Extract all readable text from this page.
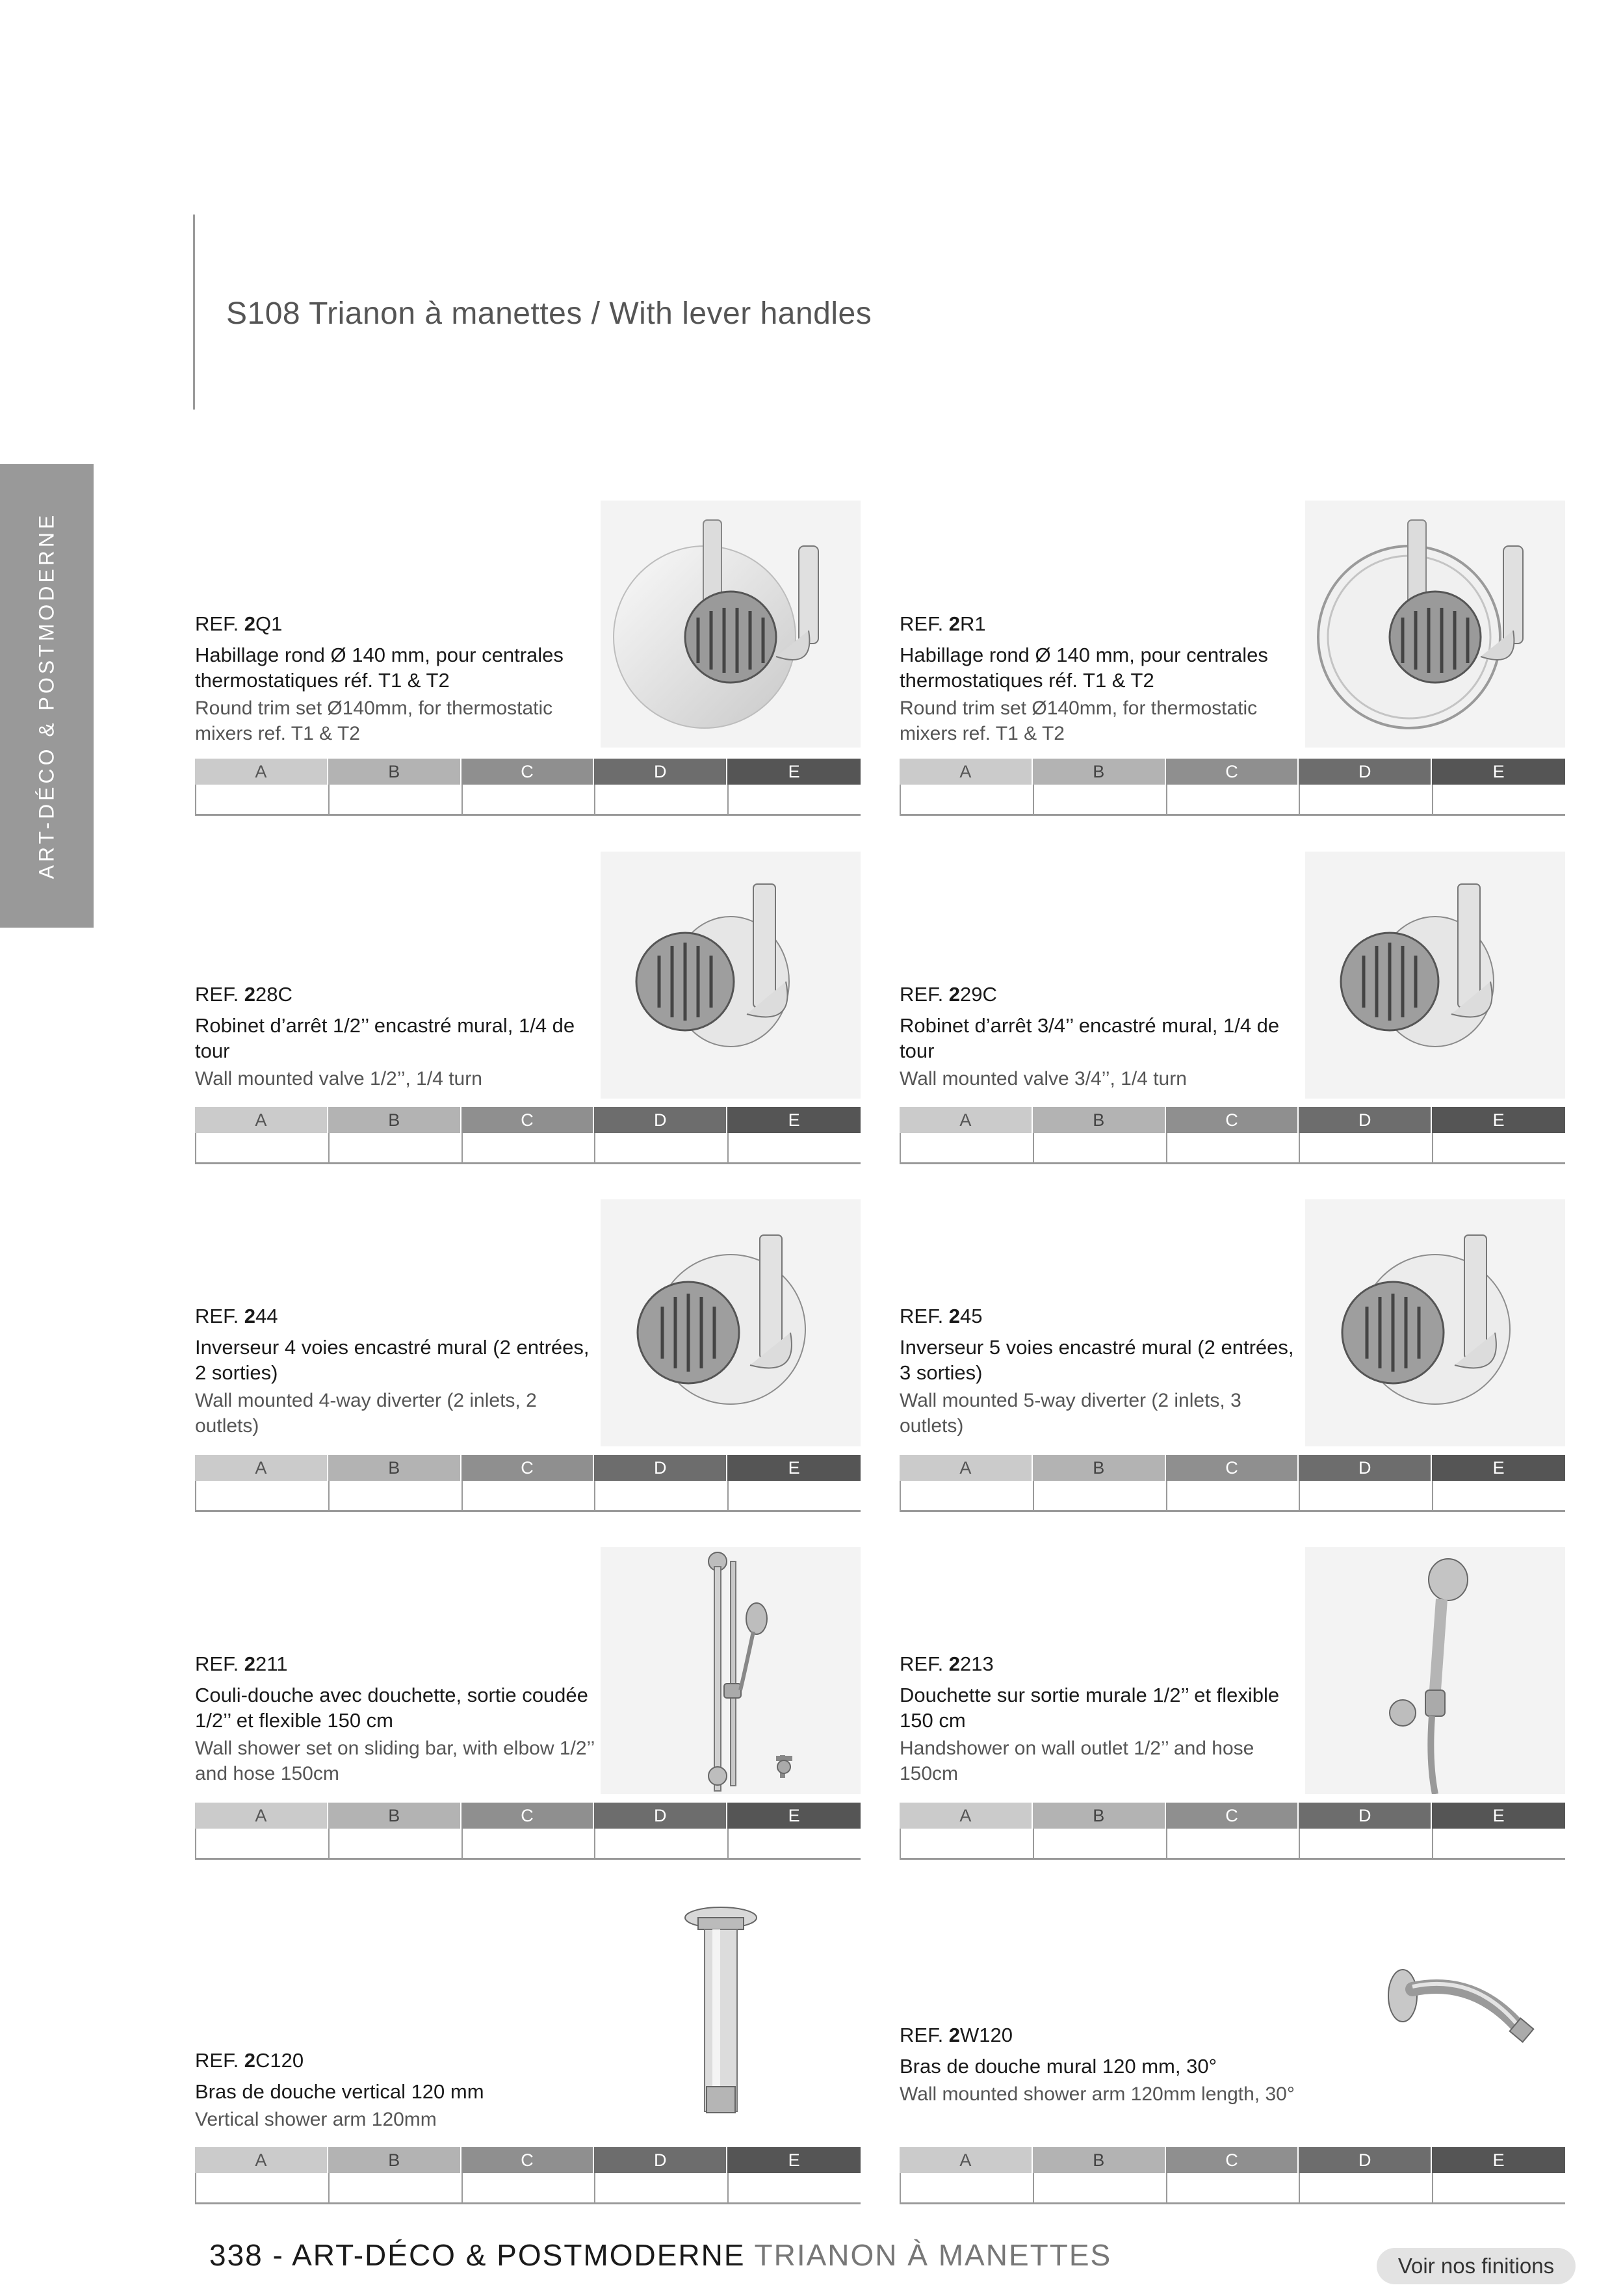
S108 Trianon à manettes / With lever handles
ART-DÉCO & POSTMODERNE	REF. 2Q1
Habillage rond Ø 140 mm, pour centrales thermostatiques réf. T1 & T2
Round trim set Ø140mm, for thermostatic mixers ref. T1 & T2
A	B	C	D	E
REF. 2R1
Habillage rond Ø 140 mm, pour centrales thermostatiques réf. T1 & T2
Round trim set Ø140mm, for thermostatic mixers ref. T1 & T2
A	B	C	D	E
REF. 228C
Robinet d’arrêt 1/2’’ encastré mural, 1/4 de tour
Wall mounted valve 1/2’’, 1/4 turn
A	B	C	D	E
REF. 229C
Robinet d’arrêt 3/4’’ encastré mural, 1/4 de tour
Wall mounted valve 3/4’’, 1/4 turn
A	B	C	D	E
REF. 244
Inverseur 4 voies encastré mural (2 entrées, 2 sorties)
Wall mounted 4-way diverter (2 inlets, 2 outlets)
A	B	C	D	E
REF. 245
Inverseur 5 voies encastré mural (2 entrées, 3 sorties)
Wall mounted 5-way diverter (2 inlets, 3 outlets)
A	B	C	D	E
REF. 2211
Couli-douche avec douchette, sortie coudée 1/2’’ et flexible 150 cm
Wall shower set on sliding bar, with elbow 1/2’’ and hose 150cm
A	B	C	D	E
REF. 2213
Douchette sur sortie murale 1/2’’ et flexible 150 cm
Handshower on wall outlet 1/2’’ and hose 150cm
A	B	C	D	E
REF. 2C120
Bras de douche vertical 120 mm
Vertical shower arm 120mm
A	B	C	D	E
REF. 2W120
Bras de douche mural 120 mm, 30°
Wall mounted shower arm 120mm length, 30°
A	B	C	D	E
338 - ART-DÉCO & POSTMODERNE TRIANON À MANETTES	Voir nos finitions
